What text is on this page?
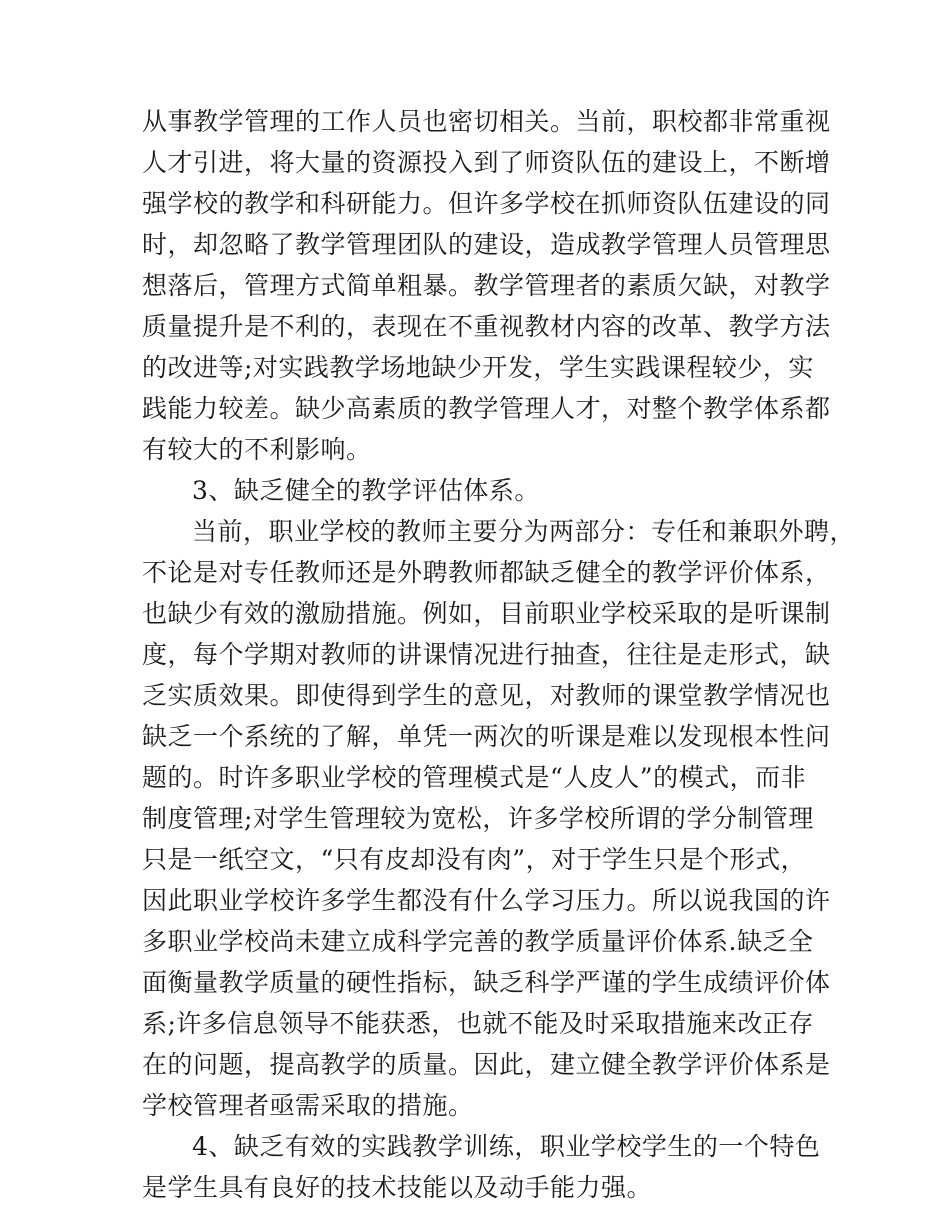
从事教学管理的工作人员也密切相关。当前，职校都非常重视
人才引进，将大量的资源投入到了师资队伍的建设上，不断增
强学校的教学和科研能力。但许多学校在抓师资队伍建设的同
时，却忽略了教学管理团队的建设，造成教学管理人员管理思
想落后，管理方式简单粗暴。教学管理者的素质欠缺，对教学
质量提升是不利的，表现在不重视教材内容的改革、教学方法
的改进等;对实践教学场地缺少开发，学生实践课程较少，实
践能力较差。缺少高素质的教学管理人才，对整个教学体系都
有较大的不利影响。
3、缺乏健全的教学评估体系。
当前，职业学校的教师主要分为两部分：专任和兼职外聘，
不论是对专任教师还是外聘教师都缺乏健全的教学评价体系，
也缺少有效的激励措施。例如，目前职业学校采取的是听课制
度，每个学期对教师的讲课情况进行抽查，往往是走形式，缺
乏实质效果。即使得到学生的意见，对教师的课堂教学情况也
缺乏一个系统的了解，单凭一两次的听课是难以发现根本性问
题的。时许多职业学校的管理模式是“人皮人”的模式，而非
制度管理;对学生管理较为宽松，许多学校所谓的学分制管理
只是一纸空文，“只有皮却没有肉”，对于学生只是个形式，
因此职业学校许多学生都没有什么学习压力。所以说我国的许
多职业学校尚未建立成科学完善的教学质量评价体系.缺乏全
面衡量教学质量的硬性指标，缺乏科学严谨的学生成绩评价体
系;许多信息领导不能获悉，也就不能及时采取措施来改正存
在的问题，提高教学的质量。因此，建立健全教学评价体系是
学校管理者亟需采取的措施。
4、缺乏有效的实践教学训练，职业学校学生的一个特色
是学生具有良好的技术技能以及动手能力强。
